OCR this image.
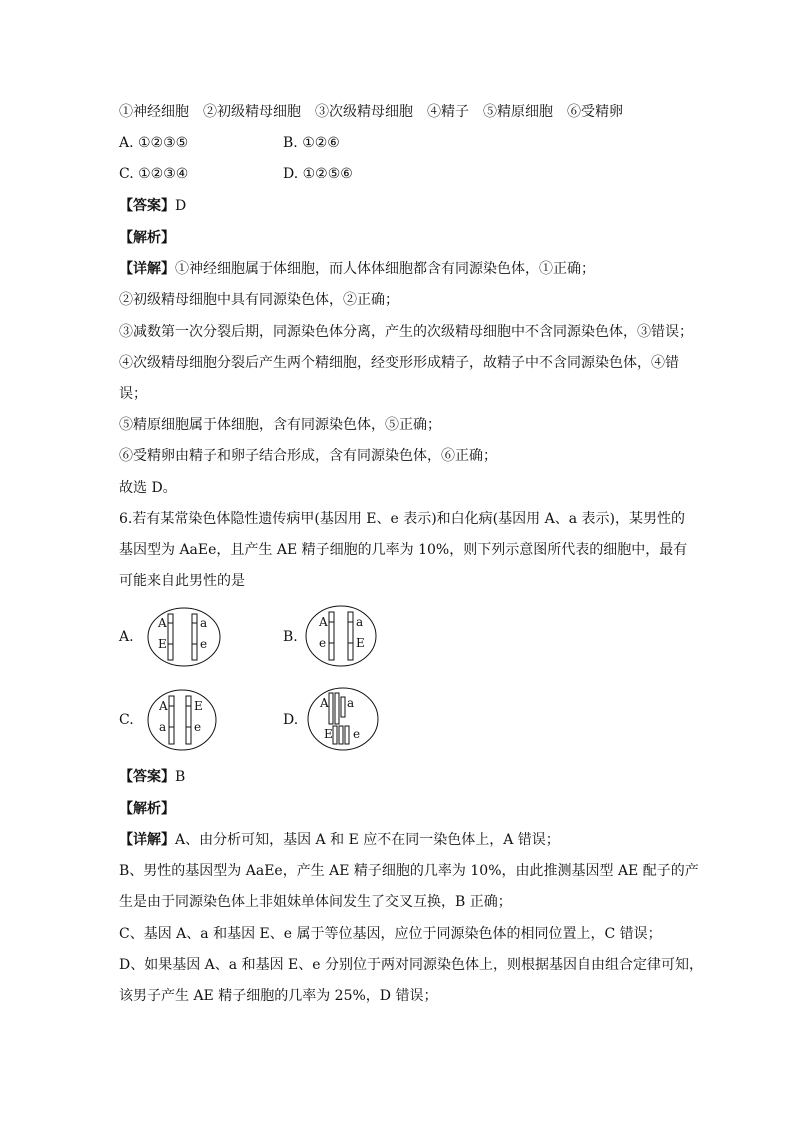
①神经细胞　②初级精母细胞　③次级精母细胞　④精子　⑤精原细胞　⑥受精卵
A. ①②③⑤	B. ①②⑥
C. ①②③④	D. ①②⑤⑥
【答案】D
【解析】
【详解】①神经细胞属于体细胞，而人体体细胞都含有同源染色体，①正确；
②初级精母细胞中具有同源染色体，②正确；
③减数第一次分裂后期，同源染色体分离，产生的次级精母细胞中不含同源染色体，③错误；
④次级精母细胞分裂后产生两个精细胞，经变形形成精子，故精子中不含同源染色体，④错
误；
⑤精原细胞属于体细胞，含有同源染色体，⑤正确；
⑥受精卵由精子和卵子结合形成，含有同源染色体，⑥正确；
故选 D。
6.若有某常染色体隐性遗传病甲(基因用 E、e 表示)和白化病(基因用 A、a 表示)，某男性的
基因型为 AaEe，且产生 AE 精子细胞的几率为 10%，则下列示意图所代表的细胞中，最有
可能来自此男性的是
A.
A	a
E	e	B.
A a
e E
C.
A E
a e	D.
A a
E e
【答案】B
【解析】
【详解】A、由分析可知，基因 A 和 E 应不在同一染色体上，A 错误；
B、男性的基因型为 AaEe，产生 AE 精子细胞的几率为 10%，由此推测基因型 AE 配子的产
生是由于同源染色体上非姐妹单体间发生了交叉互换，B 正确；
C、基因 A、a 和基因 E、e 属于等位基因，应位于同源染色体的相同位置上，C 错误；
D、如果基因 A、a 和基因 E、e 分别位于两对同源染色体上，则根据基因自由组合定律可知，
该男子产生 AE 精子细胞的几率为 25%，D 错误；
